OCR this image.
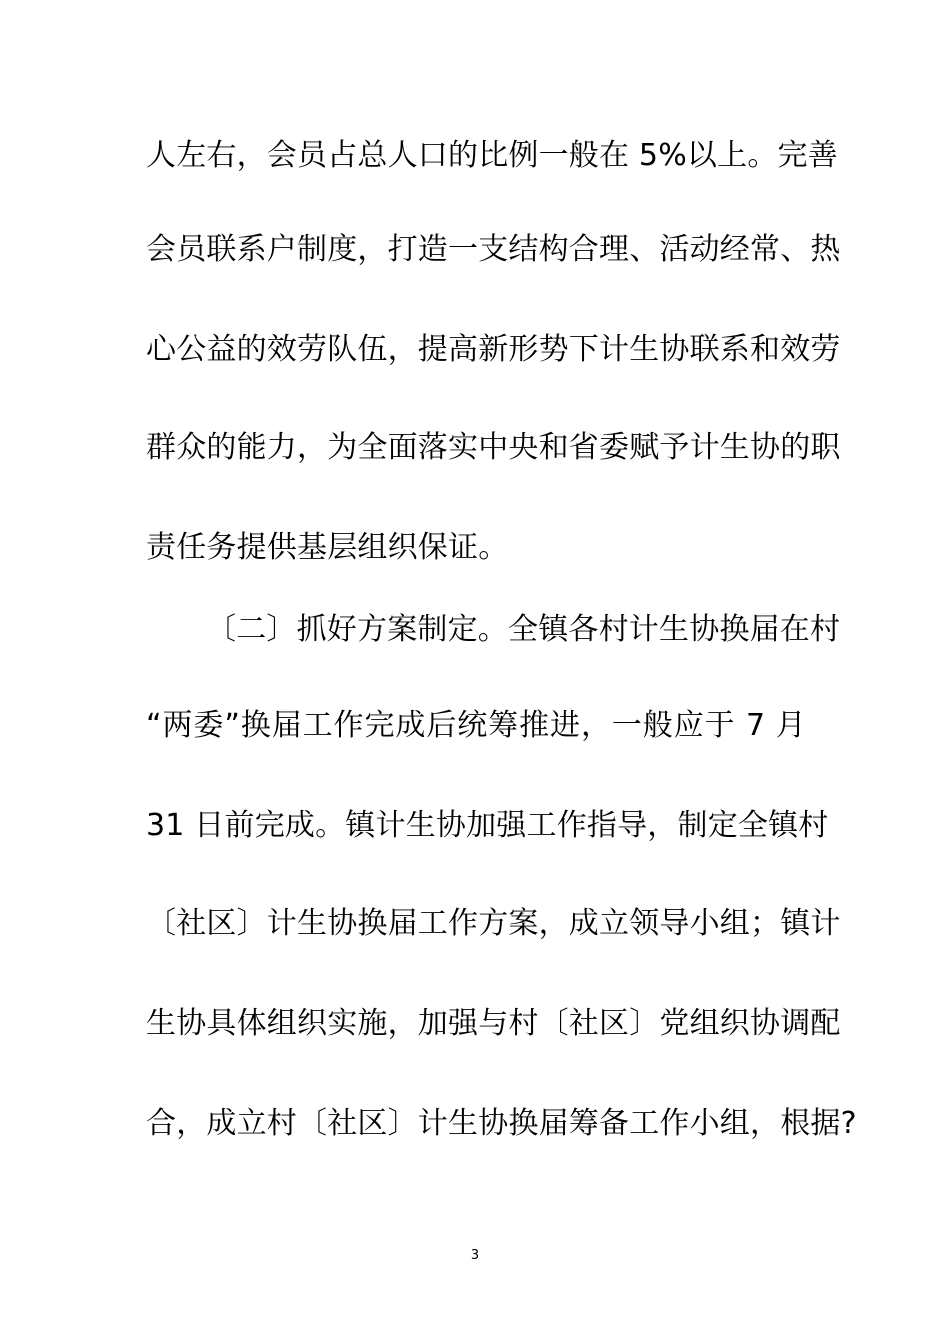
人左右，会员占总人口的比例一般在 5%以上。完善
会员联系户制度，打造一支结构合理、活动经常、热
心公益的效劳队伍，提高新形势下计生协联系和效劳
群众的能力，为全面落实中央和省委赋予计生协的职
责任务提供基层组织保证。
〔二〕抓好方案制定。全镇各村计生协换届在村
“两委”换届工作完成后统筹推进，一般应于 7 月
31 日前完成。镇计生协加强工作指导，制定全镇村
〔社区〕计生协换届工作方案，成立领导小组；镇计
生协具体组织实施，加强与村〔社区〕党组织协调配
合，成立村〔社区〕计生协换届筹备工作小组，根据?
3
